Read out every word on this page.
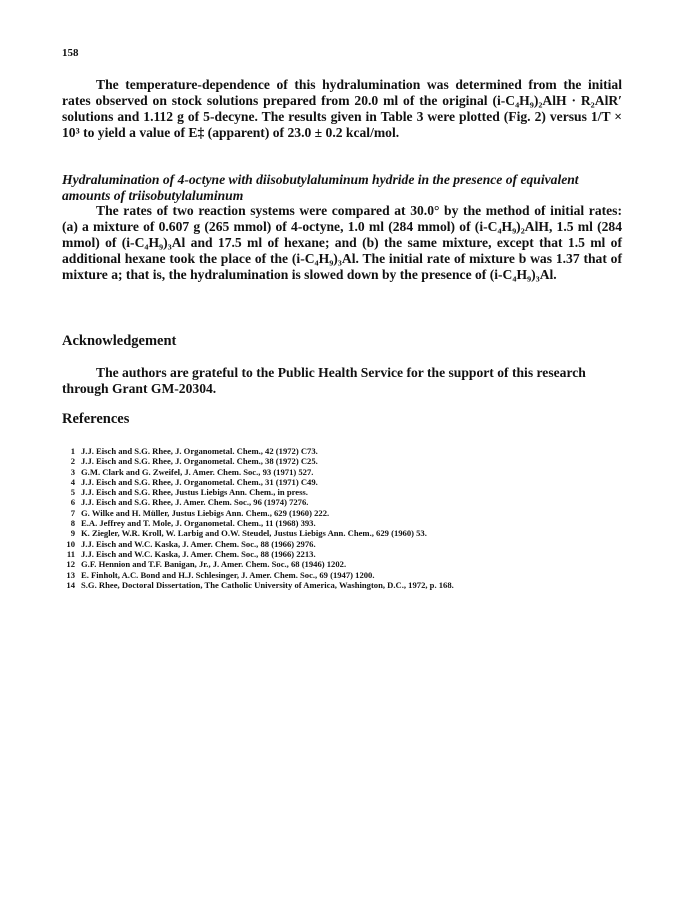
158

The temperature-dependence of this hydralumination was determined from the initial rates observed on stock solutions prepared from 20.0 ml of the original (i-C₄H₉)₂AlH · R₂AlR′ solutions and 1.112 g of 5-decyne. The results given in Table 3 were plotted (Fig. 2) versus 1/T × 10³ to yield a value of E‡ (apparent) of 23.0 ± 0.2 kcal/mol.

Hydralumination of 4-octyne with diisobutylaluminum hydride in the presence of equivalent amounts of triisobutylaluminum

The rates of two reaction systems were compared at 30.0° by the method of initial rates: (a) a mixture of 0.607 g (265 mmol) of 4-octyne, 1.0 ml (284 mmol) of (i-C₄H₉)₂AlH, 1.5 ml (284 mmol) of (i-C₄H₉)₃Al and 17.5 ml of hexane; and (b) the same mixture, except that 1.5 ml of additional hexane took the place of the (i-C₄H₉)₃Al. The initial rate of mixture b was 1.37 that of mixture a; that is, the hydralumination is slowed down by the presence of (i-C₄H₉)₃Al.

Acknowledgement

The authors are grateful to the Public Health Service for the support of this research through Grant GM-20304.

References
1 J.J. Eisch and S.G. Rhee, J. Organometal. Chem., 42 (1972) C73.
2 J.J. Eisch and S.G. Rhee, J. Organometal. Chem., 38 (1972) C25.
3 G.M. Clark and G. Zweifel, J. Amer. Chem. Soc., 93 (1971) 527.
4 J.J. Eisch and S.G. Rhee, J. Organometal. Chem., 31 (1971) C49.
5 J.J. Eisch and S.G. Rhee, Justus Liebigs Ann. Chem., in press.
6 J.J. Eisch and S.G. Rhee, J. Amer. Chem. Soc., 96 (1974) 7276.
7 G. Wilke and H. Müller, Justus Liebigs Ann. Chem., 629 (1960) 222.
8 E.A. Jeffrey and T. Mole, J. Organometal. Chem., 11 (1968) 393.
9 K. Ziegler, W.R. Kroll, W. Larbig and O.W. Steudel, Justus Liebigs Ann. Chem., 629 (1960) 53.
10 J.J. Eisch and W.C. Kaska, J. Amer. Chem. Soc., 88 (1966) 2976.
11 J.J. Eisch and W.C. Kaska, J. Amer. Chem. Soc., 88 (1966) 2213.
12 G.F. Hennion and T.F. Banigan, Jr., J. Amer. Chem. Soc., 68 (1946) 1202.
13 E. Finholt, A.C. Bond and H.J. Schlesinger, J. Amer. Chem. Soc., 69 (1947) 1200.
14 S.G. Rhee, Doctoral Dissertation, The Catholic University of America, Washington, D.C., 1972, p. 168.
